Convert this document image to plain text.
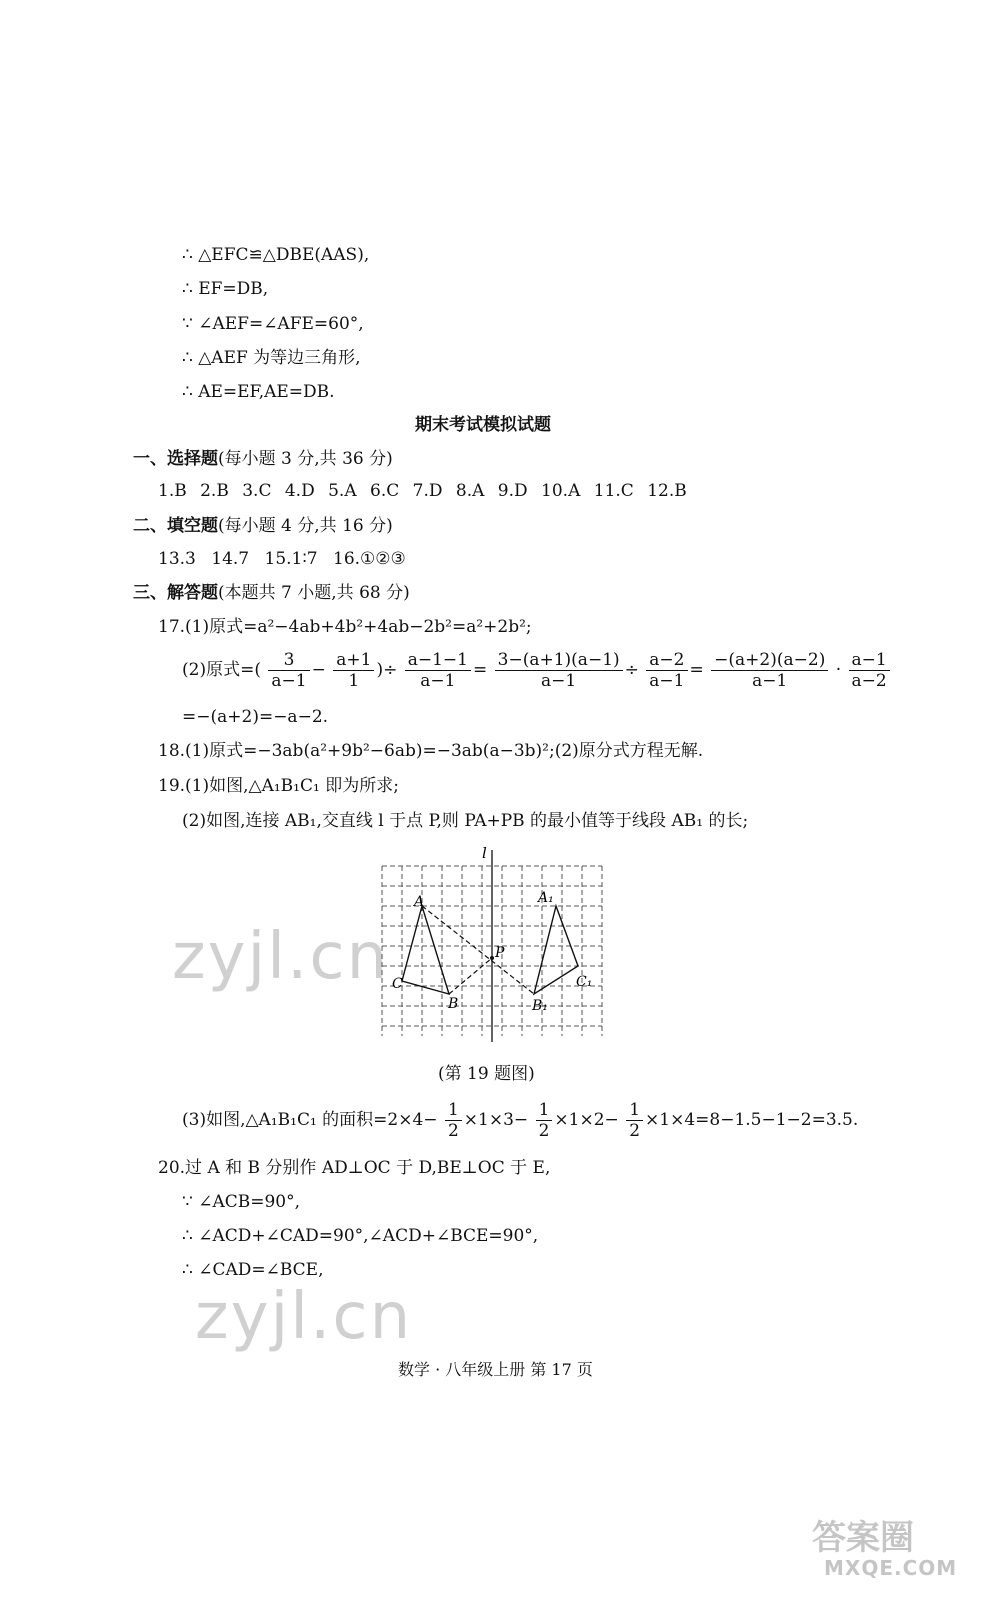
∴ △EFC≌△DBE(AAS),
∴ EF=DB,
∵ ∠AEF=∠AFE=60°,
∴ △AEF 为等边三角形,
∴ AE=EF,AE=DB.
期末考试模拟试题
一、选择题(每小题 3 分,共 36 分)
1.B 2.B 3.C 4.D 5.A 6.C 7.D 8.A 9.D 10.A 11.C 12.B
二、填空题(每小题 4 分,共 16 分)
13.3 14.7 15.1∶7 16.①②③
三、解答题(本题共 7 小题,共 68 分)
17.(1)原式=a²−4ab+4b²+4ab−2b²=a²+2b²;
(2)原式=( $\frac{3}{a-1} - \frac{a+1}{1}$ )÷ $\frac{a-1-1}{a-1} = \frac{3-(a+1)(a-1)}{a-1} \div \frac{a-2}{a-1} = \frac{-(a+2)(a-2)}{a-1} \cdot \frac{a-1}{a-2}$
=−(a+2)=−a−2.
18.(1)原式=−3ab(a²+9b²−6ab)=−3ab(a−3b)²;(2)原分式方程无解.
19.(1)如图,△A₁B₁C₁ 即为所求;
(2)如图,连接 AB₁,交直线 l 于点 P,则 PA+PB 的最小值等于线段 AB₁ 的长;
l
A
C
B
P
A₁
B₁
C₁
(第 19 题图)
(3)如图,△A₁B₁C₁ 的面积$=2\times 4- \frac{1}{2} \times 1\times 3- \frac{1}{2} \times 1\times 2- \frac{1}{2} \times 1\times 4=8-1.5-1-2=3.5$.
20.过 A 和 B 分别作 AD⊥OC 于 D,BE⊥OC 于 E,
∵ ∠ACB=90°,
∴ ∠ACD+∠CAD=90°,∠ACD+∠BCE=90°,
∴ ∠CAD=∠BCE,
zyjl.cn
zyjl.cn
数学 · 八年级上册 第 17 页
答案圈
MXQE.COM
